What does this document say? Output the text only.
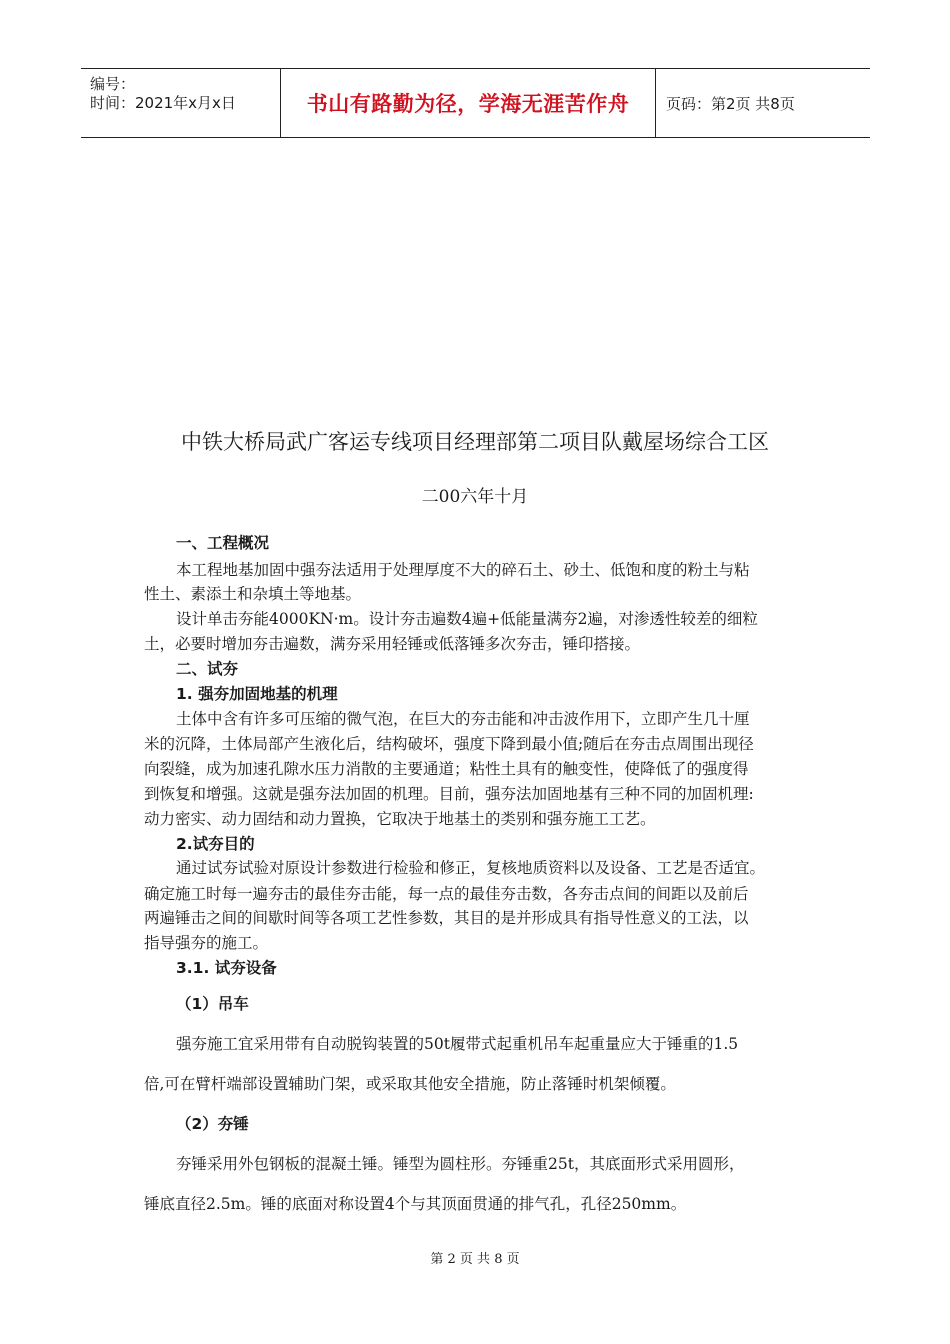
编号：
时间：2021年x月x日	书山有路勤为径，学海无涯苦作舟 页码：第2页 共8页
中铁大桥局武广客运专线项目经理部第二项目队戴屋场综合工区
二00六年十月
一、工程概况
本工程地基加固中强夯法适用于处理厚度不大的碎石土、砂土、低饱和度的粉土与粘
性土、素添土和杂填土等地基。
设计单击夯能4000KN·m。设计夯击遍数4遍+低能量满夯2遍，对渗透性较差的细粒
土，必要时增加夯击遍数，满夯采用轻锤或低落锤多次夯击，锤印搭接。
二、试夯
1. 强夯加固地基的机理
土体中含有许多可压缩的微气泡，在巨大的夯击能和冲击波作用下，立即产生几十厘
米的沉降，土体局部产生液化后，结构破坏，强度下降到最小值;随后在夯击点周围出现径
向裂缝，成为加速孔隙水压力消散的主要通道；粘性土具有的触变性，使降低了的强度得
到恢复和增强。这就是强夯法加固的机理。目前，强夯法加固地基有三种不同的加固机理:
动力密实、动力固结和动力置换，它取决于地基土的类别和强夯施工工艺。
2.试夯目的
通过试夯试验对原设计参数进行检验和修正，复核地质资料以及设备、工艺是否适宜。
确定施工时每一遍夯击的最佳夯击能，每一点的最佳夯击数，各夯击点间的间距以及前后
两遍锤击之间的间歇时间等各项工艺性参数，其目的是并形成具有指导性意义的工法，以
指导强夯的施工。
3.1. 试夯设备
（1）吊车
强夯施工宜采用带有自动脱钩装置的50t履带式起重机吊车起重量应大于锤重的1.5
倍,可在臂杆端部设置辅助门架，或采取其他安全措施，防止落锤时机架倾覆。
（2）夯锤
夯锤采用外包钢板的混凝土锤。锤型为圆柱形。夯锤重25t，其底面形式采用圆形，
锤底直径2.5m。锤的底面对称设置4个与其顶面贯通的排气孔，孔径250mm。
第 2 页 共 8 页
